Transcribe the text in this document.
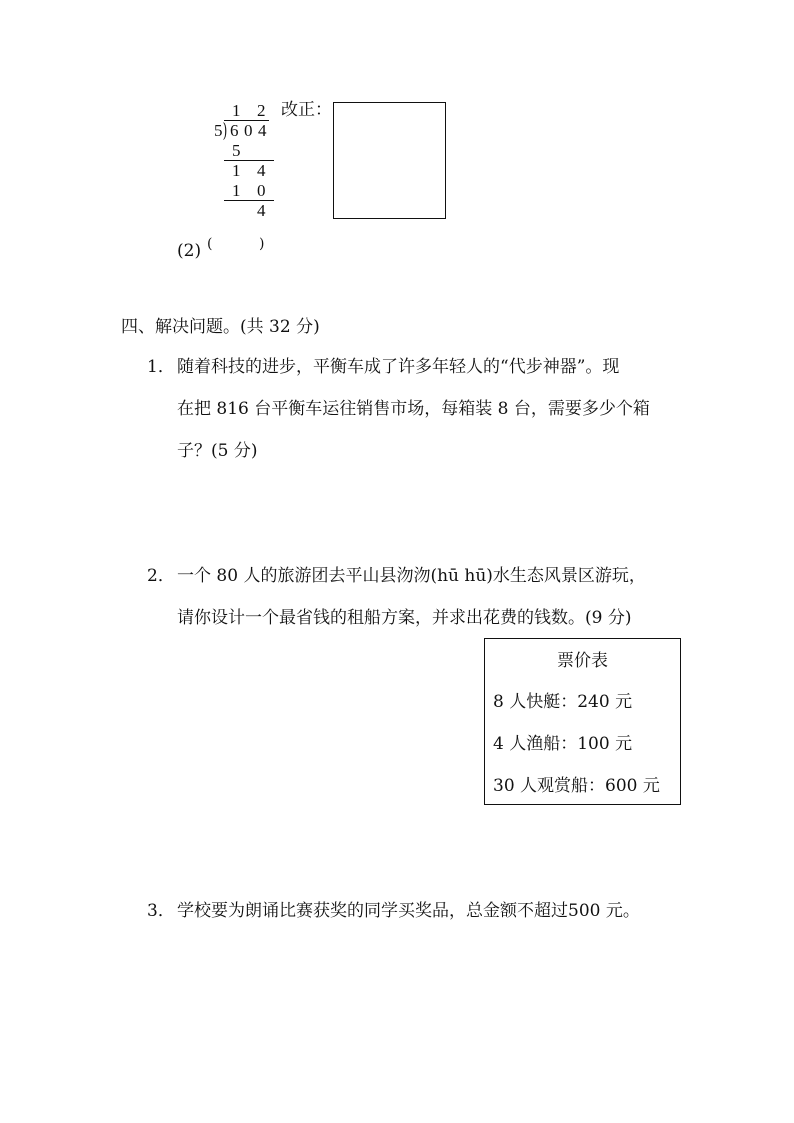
1 2
5 ) 6 0 4
5
1 4
1 0
4
改正：
(2) (	)
四、解决问题。(共 32 分)
1． 随着科技的进步，平衡车成了许多年轻人的“代步神器”。现
在把 816 台平衡车运往销售市场，每箱装 8 台，需要多少个箱
子？(5 分)
2． 一个 80 人的旅游团去平山县沕沕(hū hū)水生态风景区游玩，
请你设计一个最省钱的租船方案，并求出花费的钱数。(9 分)
票价表
8 人快艇：240 元
4 人渔船：100 元
30 人观赏船：600 元
3． 学校要为朗诵比赛获奖的同学买奖品，总金额不超过500 元。
